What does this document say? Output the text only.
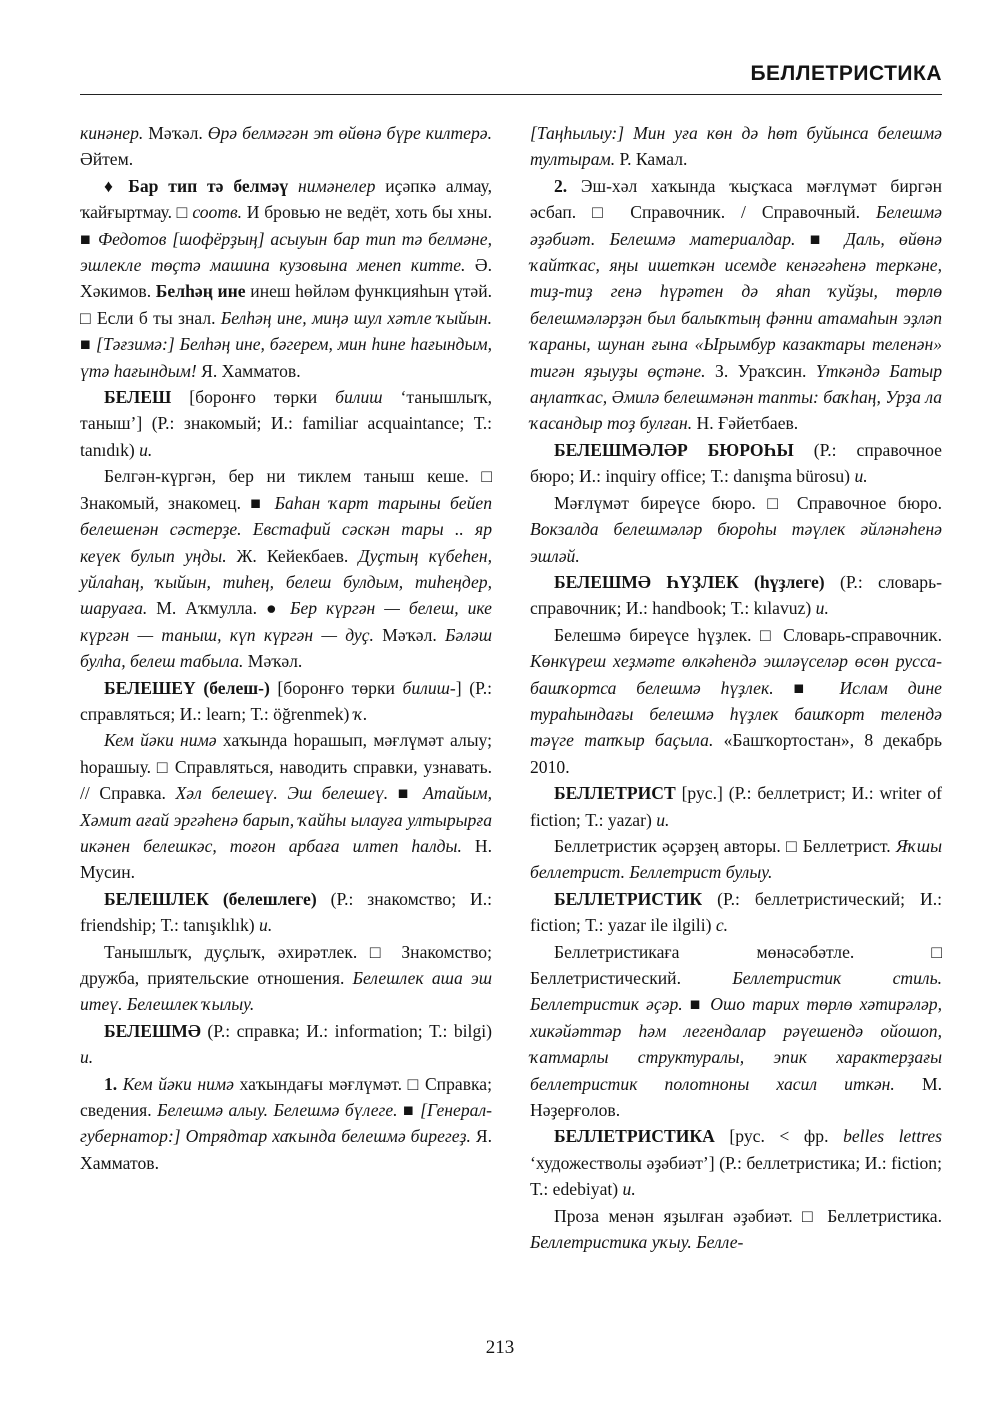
БЕЛЛЕТРИСТИКА

кинәнер. Мәҡәл. Өрә белмәгән эт өйөнә бүре килтерә. Әйтем.

♦ Бар тип тә белмәү нимәнелер иҫәпкә алмау, ҡайғыртмау. □ соотв. И бровью не ведёт, хоть бы хны. ■ Федотов [шофёрҙың] асыуын бар тип тә белмәне, эшлекле төҫтә машина кузовына менеп китте. Ә. Хәкимов. Белһәң ине инеш һөйләм функцияһын үтәй. □ Если б ты знал. Белһәң ине, миңә шул хәтле ҡыйын. ■ [Тәғзимә:] Белһәң ине, бәгерем, мин һине һағындым, үтә һағындым! Я. Хамматов.

БЕЛЕШ [боронғо төрки билиш ‘танышлыҡ, таныш’] (Р.: знакомый; И.: familiar acquaintance; Т.: tanıdık) и.

Белгән-күргән, бер ни тиклем таныш кеше. □ Знакомый, знакомец. ■ Баһан ҡарт тарыны бейеп белешенән сәстерҙе. Евстафий сәскән тары .. яр кеүек булып уңды. Ж. Кейекбаев. Дуҫтың күбеһен, уйлаһаң, ҡыйын, тиһең, белеш булдым, тиһеңдер, шаруаға. М. Аҡмулла. ● Бер күргән — белеш, ике күргән — таныш, күп күргән — дуҫ. Мәҡәл. Бәләш булһа, белеш табыла. Мәҡәл.

БЕЛЕШЕҮ (белеш-) [боронғо төрки билиш-] (Р.: справляться; И.: learn; Т.: öğrenmek) ҡ.

Кем йәки нимә хаҡында һорашып, мәғлүмәт алыу; һорашыу. □ Справляться, наводить справки, узнавать. // Справка. Хәл белешеү. Эш белешеү. ■ Атайым, Хәмит ағай эргәһенә барып, ҡайһы ылауға ултырырға икәнен белешкәс, тоғон арбаға илтеп һалды. Н. Мусин.

БЕЛЕШЛЕК (белешлеге) (Р.: знакомство; И.: friendship; Т.: tanışıklık) и.

Танышлыҡ, дуҫлыҡ, әхирәтлек. □ Знакомство; дружба, приятельские отношения. Белешлек аша эш итеү. Белешлек ҡылыу.

БЕЛЕШМӘ (Р.: справка; И.: information; Т.: bilgi) и.

1. Кем йәки нимә хаҡындағы мәғлүмәт. □ Справка; сведения. Белешмә алыу. Белешмә бүлеге. ■ [Генерал-губернатор:] Отрядтар хаҡында белешмә бирегеҙ. Я. Хамматов.

[Таңһылыу:] Мин уға көн дә һөт буйынса белешмә тултырам. Р. Камал.

2. Эш-хәл хаҡында ҡыҫҡаса мәғлүмәт биргән әсбап. □ Справочник. / Справочный. Белешмә әҙәбиәт. Белешмә материалдар. ■ Даль, өйөнә ҡайтҡас, яңы ишеткән исемде кенәгәһенә теркәне, тиҙ-тиҙ генә һүрәтен дә яһап ҡуйҙы, төрлө белешмәләрҙән был балыҡтың фәнни атамаһын эҙләп ҡараны, шунан ғына «Ырымбур казактары теленән» тигән яҙыуҙы өҫтәне. З. Ураҡсин. Үткәндә Батыр аңлатҡас, Әмилә белешмәнән тапты: баҡһаң, Урҙа ла ҡасандыр тоҙ булған. Н. Ғәйетбаев.

БЕЛЕШМӘЛӘР БЮРОҺЫ (Р.: справочное бюро; И.: inquiry office; Т.: danışma bürosu) и.

Мәғлүмәт биреүсе бюро. □ Справочное бюро. Вокзалда белешмәләр бюроһы тәүлек әйләнәһенә эшләй.

БЕЛЕШМӘ ҺҮҘЛЕК (һүҙлеге) (Р.: словарь-справочник; И.: handbook; Т.: kılavuz) и.

Белешмә биреүсе һүҙлек. □ Словарь-справочник. Көнкүреш хеҙмәте өлкәһендә эшләүселәр өсөн русса-башҡортса белешмә һүҙлек. ■ Ислам дине тураһындағы белешмә һүҙлек башҡорт телендә тәүге тапҡыр баҫыла. «Башҡортостан», 8 декабрь 2010.

БЕЛЛЕТРИСТ [рус.] (Р.: беллетрист; И.: writer of fiction; Т.: yazar) и.

Беллетристик әҫәрҙең авторы. □ Беллетрист. Яҡшы беллетрист. Беллетрист булыу.

БЕЛЛЕТРИСТИК (Р.: беллетристический; И.: fiction; Т.: yazar ile ilgili) с.

Беллетристикаға мөнәсәбәтле. □ Беллетристический. Беллетристик стиль. Беллетристик әҫәр. ■ Ошо тарих төрлө хәтирәләр, хикәйәттәр һәм легендалар рәүешендә ойошоп, ҡатмарлы структуралы, эпик характерҙағы беллетристик полотноны хасил иткән. М. Нәҙерғолов.

БЕЛЛЕТРИСТИКА [рус. < фр. belles lettres ‘художестволы әҙәбиәт’] (Р.: беллетристика; И.: fiction; Т.: edebiyat) и.

Проза менән яҙылған әҙәбиәт. □ Беллетристика. Беллетристика уҡыу. Белле-

213
